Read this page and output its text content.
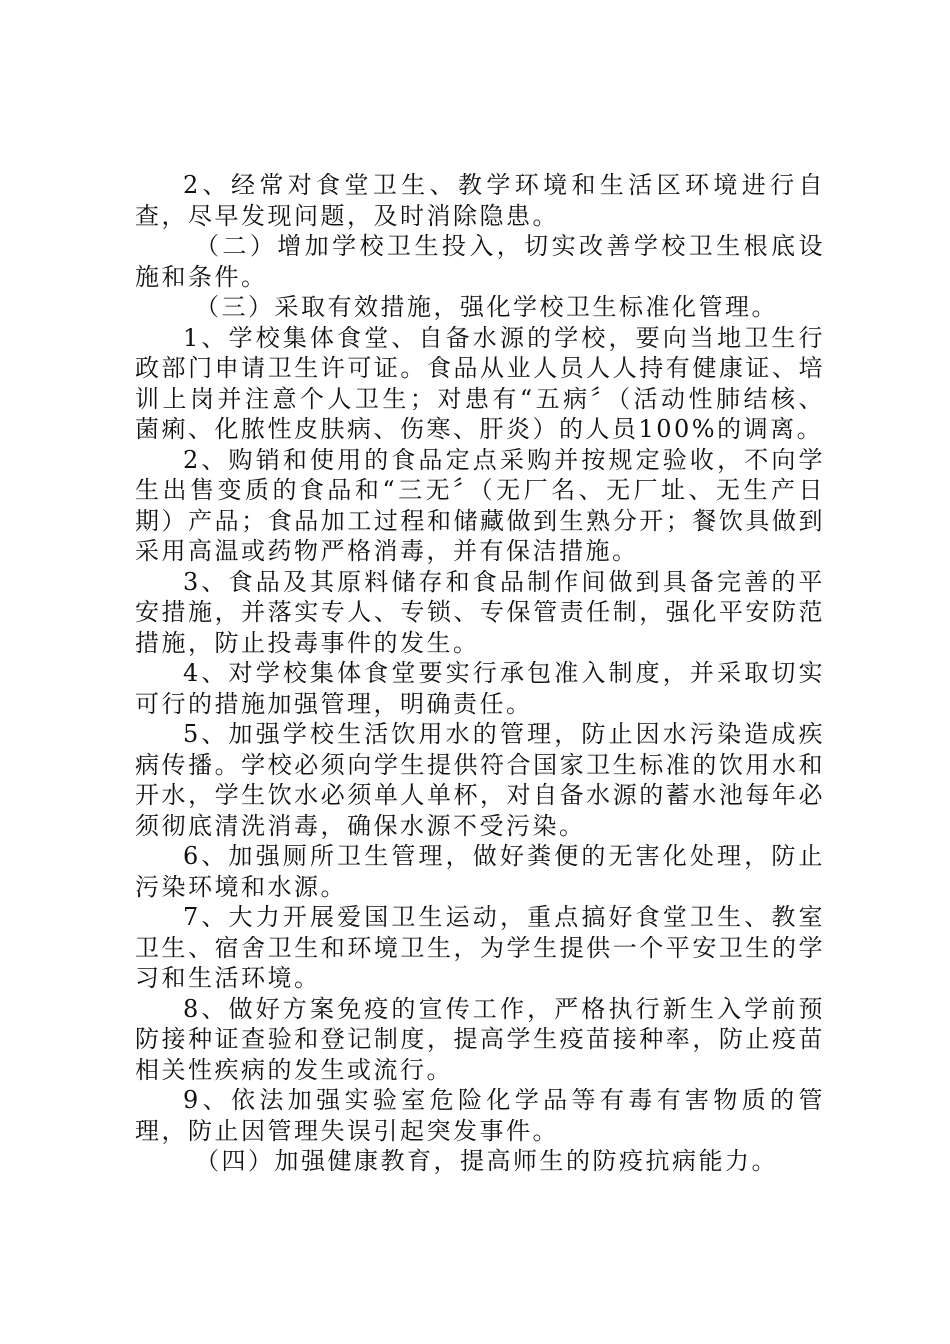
2、经常对食堂卫生、教学环境和生活区环境进行自查，尽早发现问题，及时消除隐患。

（二）增加学校卫生投入，切实改善学校卫生根底设施和条件。

（三）采取有效措施，强化学校卫生标准化管理。

1、学校集体食堂、自备水源的学校，要向当地卫生行政部门申请卫生许可证。食品从业人员人人持有健康证、培训上岗并注意个人卫生；对患有“五病〞（活动性肺结核、菌痢、化脓性皮肤病、伤寒、肝炎）的人员100%的调离。

2、购销和使用的食品定点采购并按规定验收，不向学生出售变质的食品和“三无〞（无厂名、无厂址、无生产日期）产品；食品加工过程和储藏做到生熟分开；餐饮具做到采用高温或药物严格消毒，并有保洁措施。

3、食品及其原料储存和食品制作间做到具备完善的平安措施，并落实专人、专锁、专保管责任制，强化平安防范措施，防止投毒事件的发生。

4、对学校集体食堂要实行承包准入制度，并采取切实可行的措施加强管理，明确责任。

5、加强学校生活饮用水的管理，防止因水污染造成疾病传播。学校必须向学生提供符合国家卫生标准的饮用水和开水，学生饮水必须单人单杯，对自备水源的蓄水池每年必须彻底清洗消毒，确保水源不受污染。

6、加强厕所卫生管理，做好粪便的无害化处理，防止污染环境和水源。

7、大力开展爱国卫生运动，重点搞好食堂卫生、教室卫生、宿舍卫生和环境卫生，为学生提供一个平安卫生的学习和生活环境。

8、做好方案免疫的宣传工作，严格执行新生入学前预防接种证查验和登记制度，提高学生疫苗接种率，防止疫苗相关性疾病的发生或流行。

9、依法加强实验室危险化学品等有毒有害物质的管理，防止因管理失误引起突发事件。

（四）加强健康教育，提高师生的防疫抗病能力。
